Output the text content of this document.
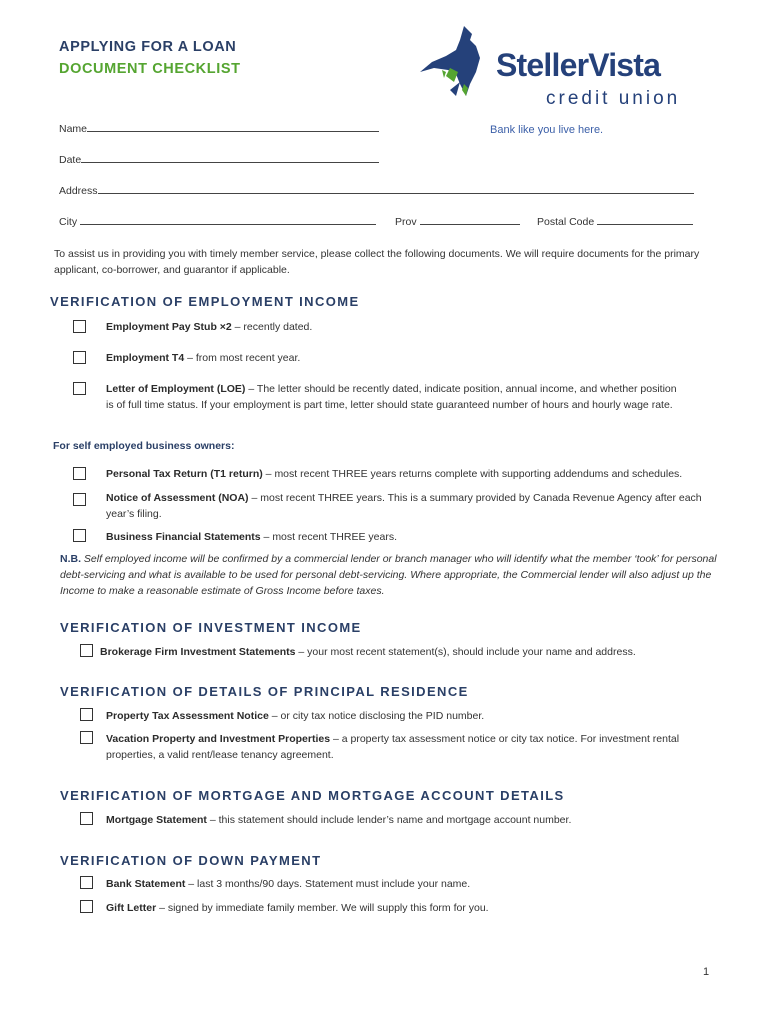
APPLYING FOR A LOAN
DOCUMENT CHECKLIST	StellerVista
credit union
Bank like you live here.
Name
Date
Address
City	Prov	Postal Code
To assist us in providing you with timely member service, please collect the following documents. We will require documents for the primary applicant, co-borrower, and guarantor if applicable.
VERIFICATION OF EMPLOYMENT INCOME
Employment Pay Stub ×2 – recently dated.
Employment T4 – from most recent year.
Letter of Employment (LOE) – The letter should be recently dated, indicate position, annual income, and whether position is of full time status. If your employment is part time, letter should state guaranteed number of hours and hourly wage rate.
For self employed business owners:
Personal Tax Return (T1 return) – most recent THREE years returns complete with supporting addendums and schedules.
Notice of Assessment (NOA) – most recent THREE years. This is a summary provided by Canada Revenue Agency after each year’s filing.
Business Financial Statements – most recent THREE years.
N.B. Self employed income will be confirmed by a commercial lender or branch manager who will identify what the member ‘took’ for personal debt-servicing and what is available to be used for personal debt-servicing. Where appropriate, the Commercial lender will also adjust up the Income to make a reasonable estimate of Gross Income before taxes.
VERIFICATION OF INVESTMENT INCOME
Brokerage Firm Investment Statements – your most recent statement(s), should include your name and address.
VERIFICATION OF DETAILS OF PRINCIPAL RESIDENCE
Property Tax Assessment Notice – or city tax notice disclosing the PID number.
Vacation Property and Investment Properties – a property tax assessment notice or city tax notice. For investment rental properties, a valid rent/lease tenancy agreement.
VERIFICATION OF MORTGAGE AND MORTGAGE ACCOUNT DETAILS
Mortgage Statement – this statement should include lender’s name and mortgage account number.
VERIFICATION OF DOWN PAYMENT
Bank Statement – last 3 months/90 days. Statement must include your name.
Gift Letter – signed by immediate family member. We will supply this form for you.
1
